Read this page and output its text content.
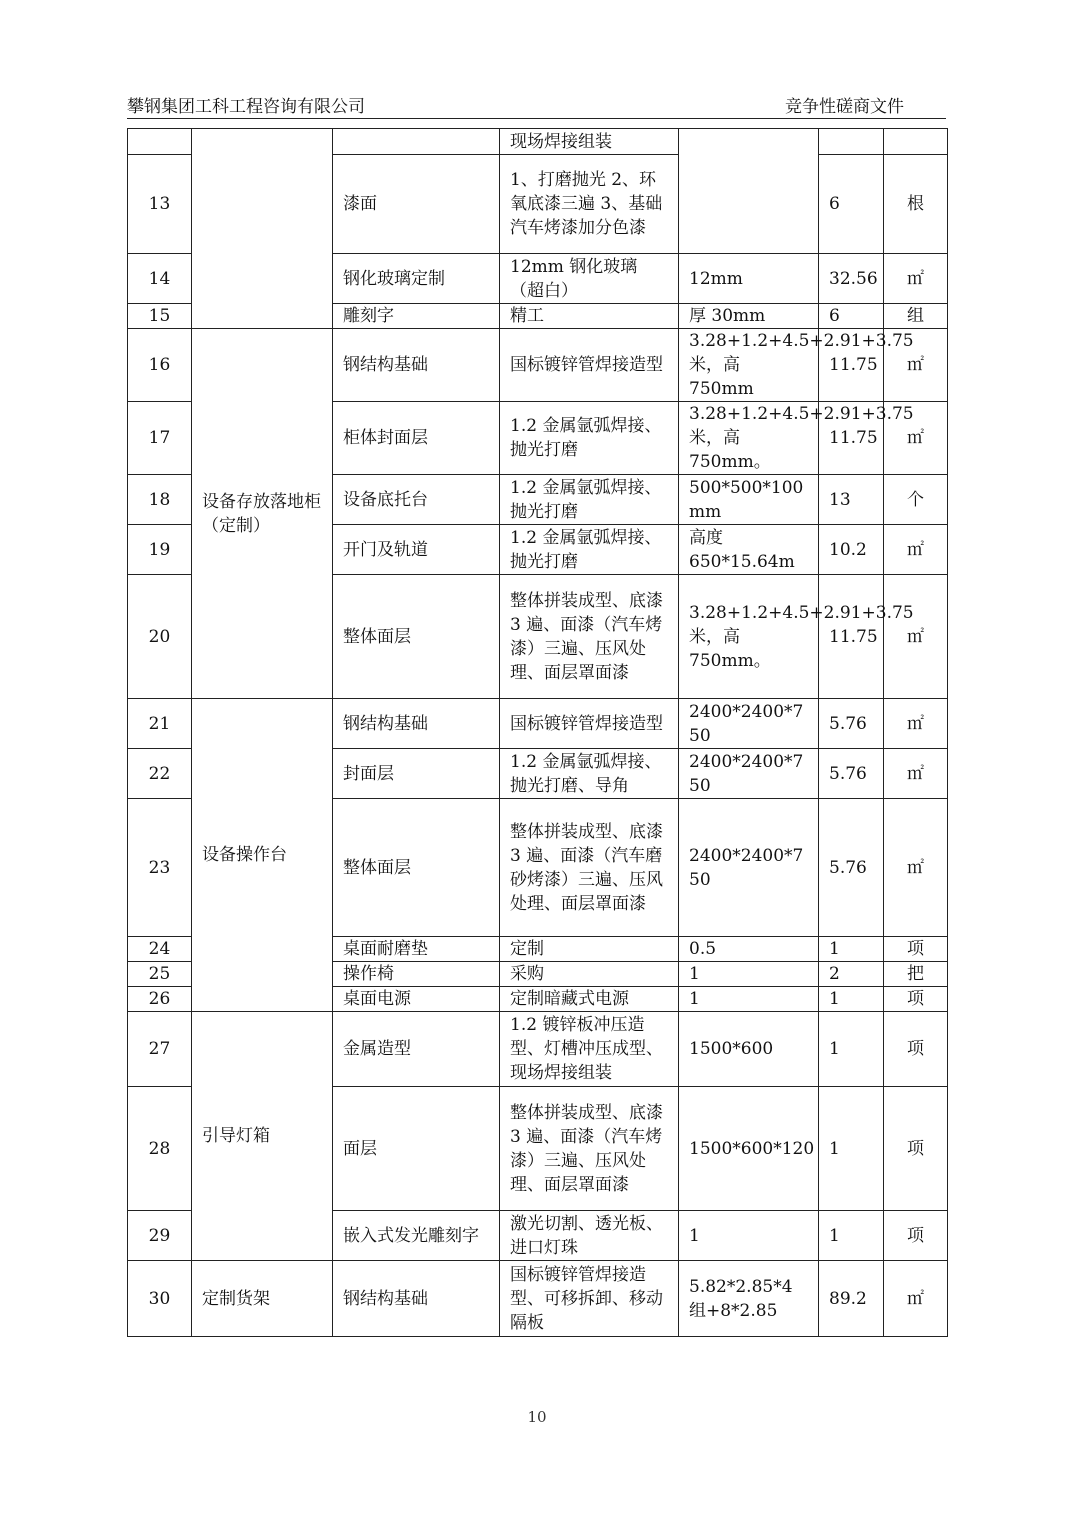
攀钢集团工科工程咨询有限公司	竞争性磋商文件
			现场焊接组装			
13		漆面	1、打磨抛光 2、环氧底漆三遍 3、基础汽车烤漆加分色漆		6	根
14		钢化玻璃定制	12mm 钢化玻璃（超白）	12mm	32.56	㎡
15		雕刻字	精工	厚 30mm	6	组
16	设备存放落地柜（定制）	钢结构基础	国标镀锌管焊接造型	3.28+1.2+4.5+2.91+3.75 米，高 750mm	11.75	㎡
17		柜体封面层	1.2 金属氩弧焊接、抛光打磨	3.28+1.2+4.5+2.91+3.75 米，高 750mm。	11.75	㎡
18		设备底托台	1.2 金属氩弧焊接、抛光打磨	500*500*100mm	13	个
19		开门及轨道	1.2 金属氩弧焊接、抛光打磨	高度 650*15.64m	10.2	㎡
20		整体面层	整体拼装成型、底漆 3 遍、面漆（汽车烤漆）三遍、压风处理、面层罩面漆	3.28+1.2+4.5+2.91+3.75 米，高 750mm。	11.75	㎡
21	设备操作台	钢结构基础	国标镀锌管焊接造型	2400*2400*750	5.76	㎡
22		封面层	1.2 金属氩弧焊接、抛光打磨、导角	2400*2400*750	5.76	㎡
23		整体面层	整体拼装成型、底漆 3 遍、面漆（汽车磨砂烤漆）三遍、压风处理、面层罩面漆	2400*2400*750	5.76	㎡
24		桌面耐磨垫	定制	0.5	1	项
25		操作椅	采购	1	2	把
26		桌面电源	定制暗藏式电源	1	1	项
27	引导灯箱	金属造型	1.2 镀锌板冲压造型、灯槽冲压成型、现场焊接组装	1500*600	1	项
28		面层	整体拼装成型、底漆 3 遍、面漆（汽车烤漆）三遍、压风处理、面层罩面漆	1500*600*120	1	项
29		嵌入式发光雕刻字	激光切割、透光板、进口灯珠	1	1	项
30	定制货架	钢结构基础	国标镀锌管焊接造型、可移拆卸、移动隔板	5.82*2.85*4 组+8*2.85	89.2	㎡
10
